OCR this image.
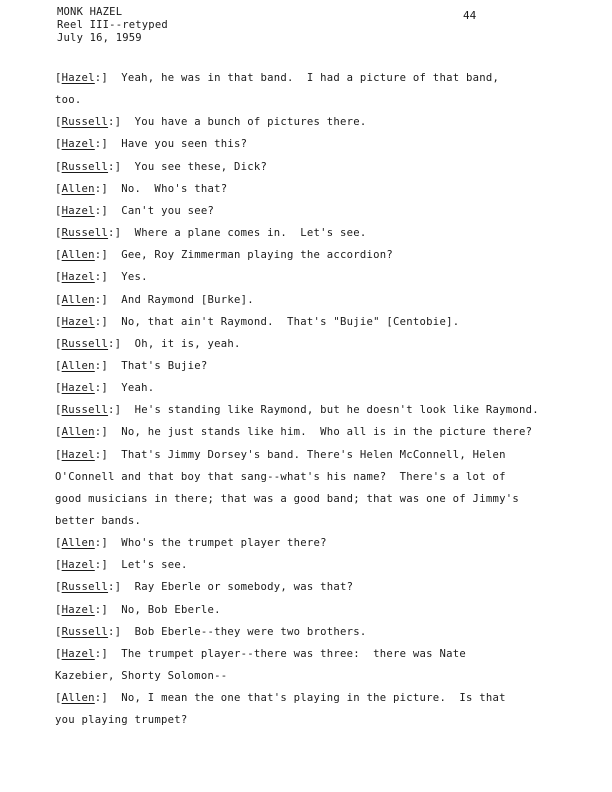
MONK HAZEL
Reel III--retyped
July 16, 1959
44
[Hazel:]  Yeah, he was in that band.  I had a picture of that band,
too.
[Russell:]  You have a bunch of pictures there.
[Hazel:]  Have you seen this?
[Russell:]  You see these, Dick?
[Allen:]  No.  Who's that?
[Hazel:]  Can't you see?
[Russell:]  Where a plane comes in.  Let's see.
[Allen:]  Gee, Roy Zimmerman playing the accordion?
[Hazel:]  Yes.
[Allen:]  And Raymond [Burke].
[Hazel:]  No, that ain't Raymond.  That's "Bujie" [Centobie].
[Russell:]  Oh, it is, yeah.
[Allen:]  That's Bujie?
[Hazel:]  Yeah.
[Russell:]  He's standing like Raymond, but he doesn't look like Raymond.
[Allen:]  No, he just stands like him.  Who all is in the picture there?
[Hazel:]  That's Jimmy Dorsey's band. There's Helen McConnell, Helen
O'Connell and that boy that sang--what's his name?  There's a lot of
good musicians in there; that was a good band; that was one of Jimmy's
better bands.
[Allen:]  Who's the trumpet player there?
[Hazel:]  Let's see.
[Russell:]  Ray Eberle or somebody, was that?
[Hazel:]  No, Bob Eberle.
[Russell:]  Bob Eberle--they were two brothers.
[Hazel:]  The trumpet player--there was three:  there was Nate
Kazebier, Shorty Solomon--
[Allen:]  No, I mean the one that's playing in the picture.  Is that
you playing trumpet?
